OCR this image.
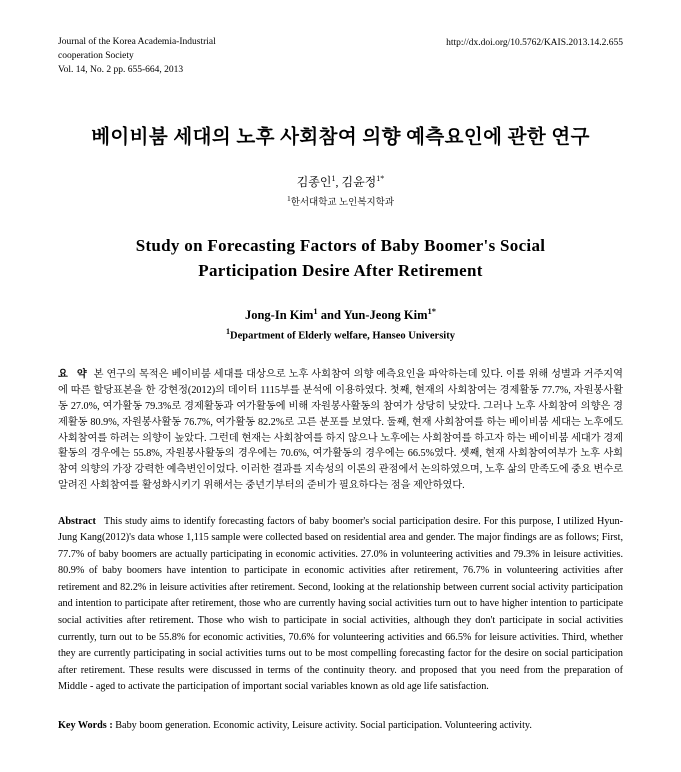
Journal of the Korea Academia-Industrial
cooperation Society
Vol. 14, No. 2 pp. 655-664, 2013
http://dx.doi.org/10.5762/KAIS.2013.14.2.655
베이비붐 세대의 노후 사회참여 의향 예측요인에 관한 연구
김종인$^1$, 김윤정$^{1*}$
$^1$한서대학교 노인복지학과
Study on Forecasting Factors of Baby Boomer's Social
Participation Desire After Retirement
Jong-In Kim$^1$ and Yun-Jeong Kim$^{1*}$
$^1$Department of Elderly welfare, Hanseo University
요 약 본 연구의 목적은 베이비붐 세대를 대상으로 노후 사회참여 의향 예측요인을 파악하는데 있다. 이를 위해 성별과 거주지역에 따른 할당표본을 한 강현정(2012)의 데이터 1115부를 분석에 이용하였다. 첫째, 현재의 사회참여는 경제활동 77.7%, 자원봉사활동 27.0%, 여가활동 79.3%로 경제활동과 여가활동에 비해 자원봉사활동의 참여가 상당히 낮았다. 그러나 노후 사회참여 의향은 경제활동 80.9%, 자원봉사활동 76.7%, 여가활동 82.2%로 고른 분포를 보였다. 둘째, 현재 사회참여를 하는 베이비붐 세대는 노후에도 사회참여를 하려는 의향이 높았다. 그런데 현재는 사회참여를 하지 않으나 노후에는 사회참여를 하고자 하는 베이비붐 세대가 경제활동의 경우에는 55.8%, 자원봉사활동의 경우에는 70.6%, 여가활동의 경우에는 66.5%였다. 셋째, 현재 사회참여여부가 노후 사회참여 의향의 가장 강력한 예측변인이었다. 이러한 결과를 지속성의 이론의 관점에서 논의하였으며, 노후 삶의 만족도에 중요 변수로 알려진 사회참여를 활성화시키기 위해서는 중년기부터의 준비가 필요하다는 점을 제안하였다.
Abstract This study aims to identify forecasting factors of baby boomer's social participation desire. For this purpose, I utilized Hyun-Jung Kang(2012)'s data whose 1,115 sample were collected based on residential area and gender. The major findings are as follows; First, 77.7% of baby boomers are actually participating in economic activities. 27.0% in volunteering activities and 79.3% in leisure activities. 80.9% of baby boomers have intention to participate in economic activities after retirement, 76.7% in volunteering activities after retirement and 82.2% in leisure activities after retirement. Second, looking at the relationship between current social activity participation and intention to participate after retirement, those who are currently having social activities turn out to have higher intention to participate social activities after retirement. Those who wish to participate in social activities, although they don't participate in social activities currently, turn out to be 55.8% for economic activities, 70.6% for volunteering activities and 66.5% for leisure activities. Third, whether they are currently participating in social activities turns out to be most compelling forecasting factor for the desire on social participation after retirement. These results were discussed in terms of the continuity theory. and proposed that you need from the preparation of Middle - aged to activate the participation of important social variables known as old age life satisfaction.
Key Words : Baby boom generation. Economic activity, Leisure activity. Social participation. Volunteering activity.
